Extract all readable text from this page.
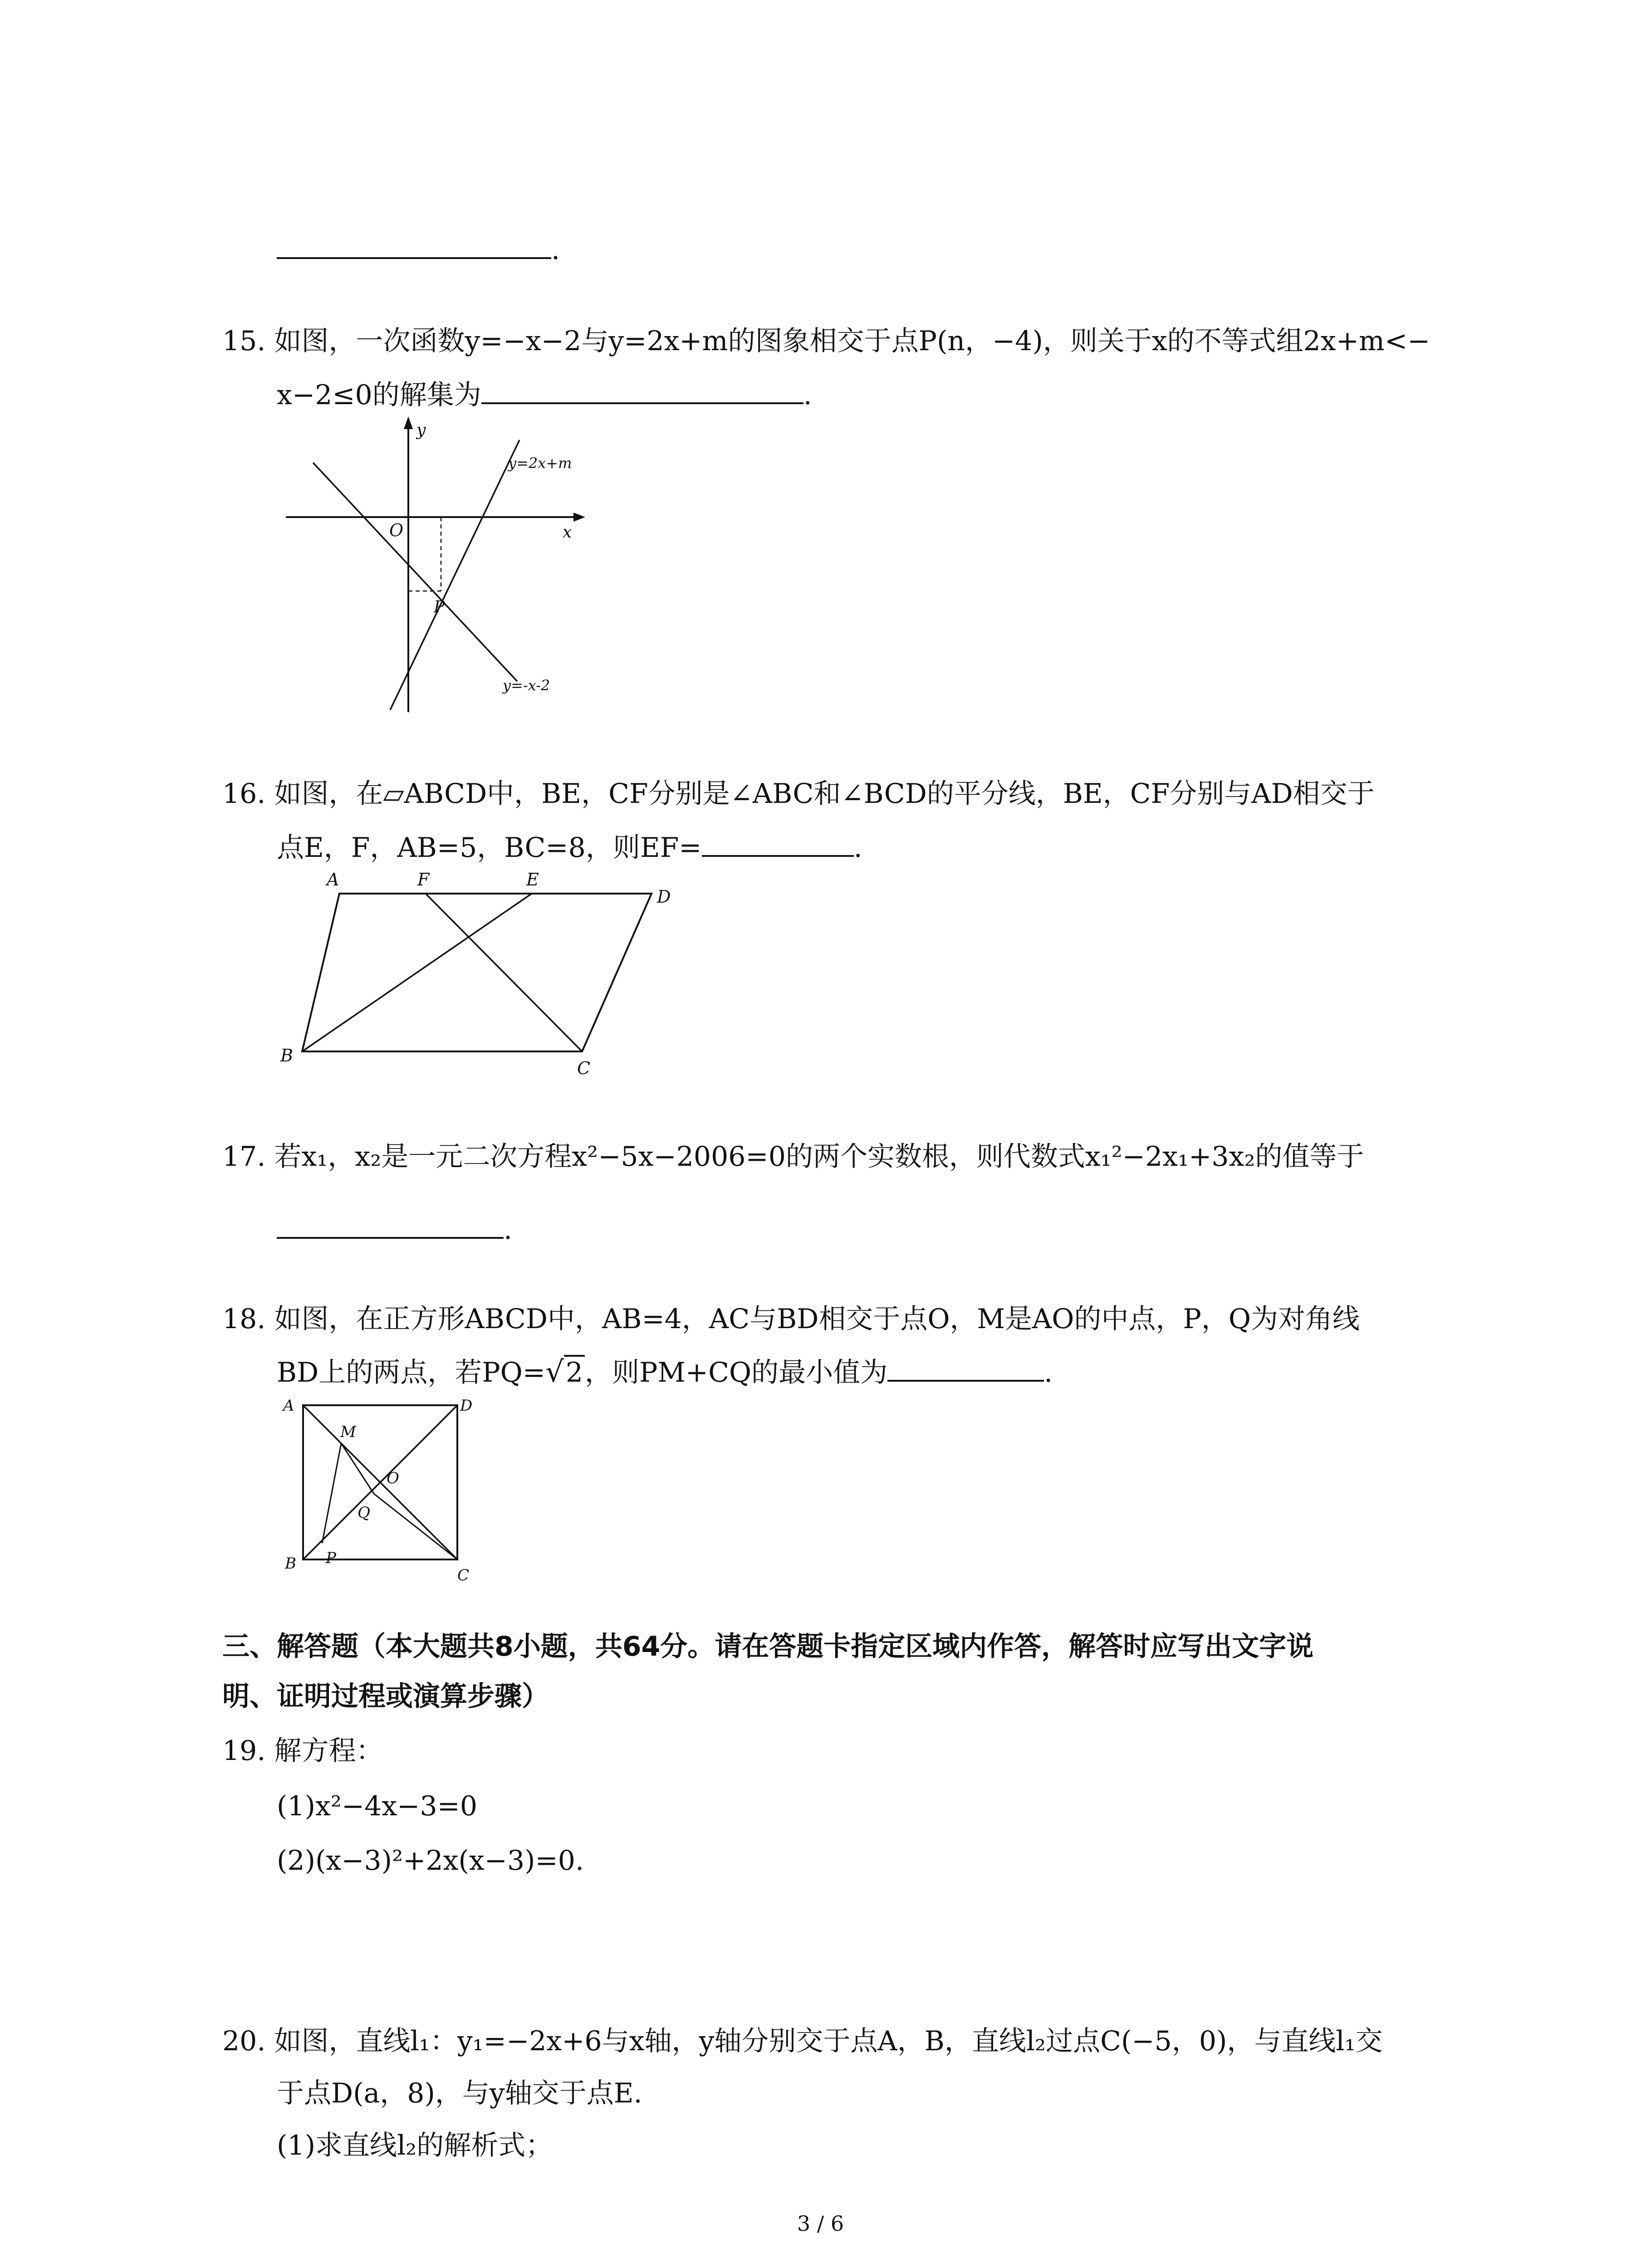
.
15. 如图，一次函数y=−x−2与y=2x+m的图象相交于点P(n，−4)，则关于x的不等式组2x+m<−
x−2≤0的解集为	.
y
x
O
P
y=2x+m
y=-x-2
16. 如图，在▱ABCD中，BE，CF分别是∠ABC和∠BCD的平分线，BE，CF分别与AD相交于
点E，F，AB=5，BC=8，则EF=	.
A	F	E
D
B
C
17. 若x₁，x₂是一元二次方程x²−5x−2006=0的两个实数根，则代数式x₁²−2x₁+3x₂的值等于
.
18. 如图，在正方形ABCD中，AB=4，AC与BD相交于点O，M是AO的中点，P，Q为对角线
BD上的两点，若PQ=√2，则PM+CQ的最小值为	.
A	D
M
O
Q
B P
C
三、解答题（本大题共8小题，共64分。请在答题卡指定区域内作答，解答时应写出文字说
明、证明过程或演算步骤）
19. 解方程：
(1)x²−4x−3=0
(2)(x−3)²+2x(x−3)=0.
20. 如图，直线l₁：y₁=−2x+6与x轴，y轴分别交于点A，B，直线l₂过点C(−5，0)，与直线l₁交
于点D(a，8)，与y轴交于点E.
(1)求直线l₂的解析式；
3 / 6
